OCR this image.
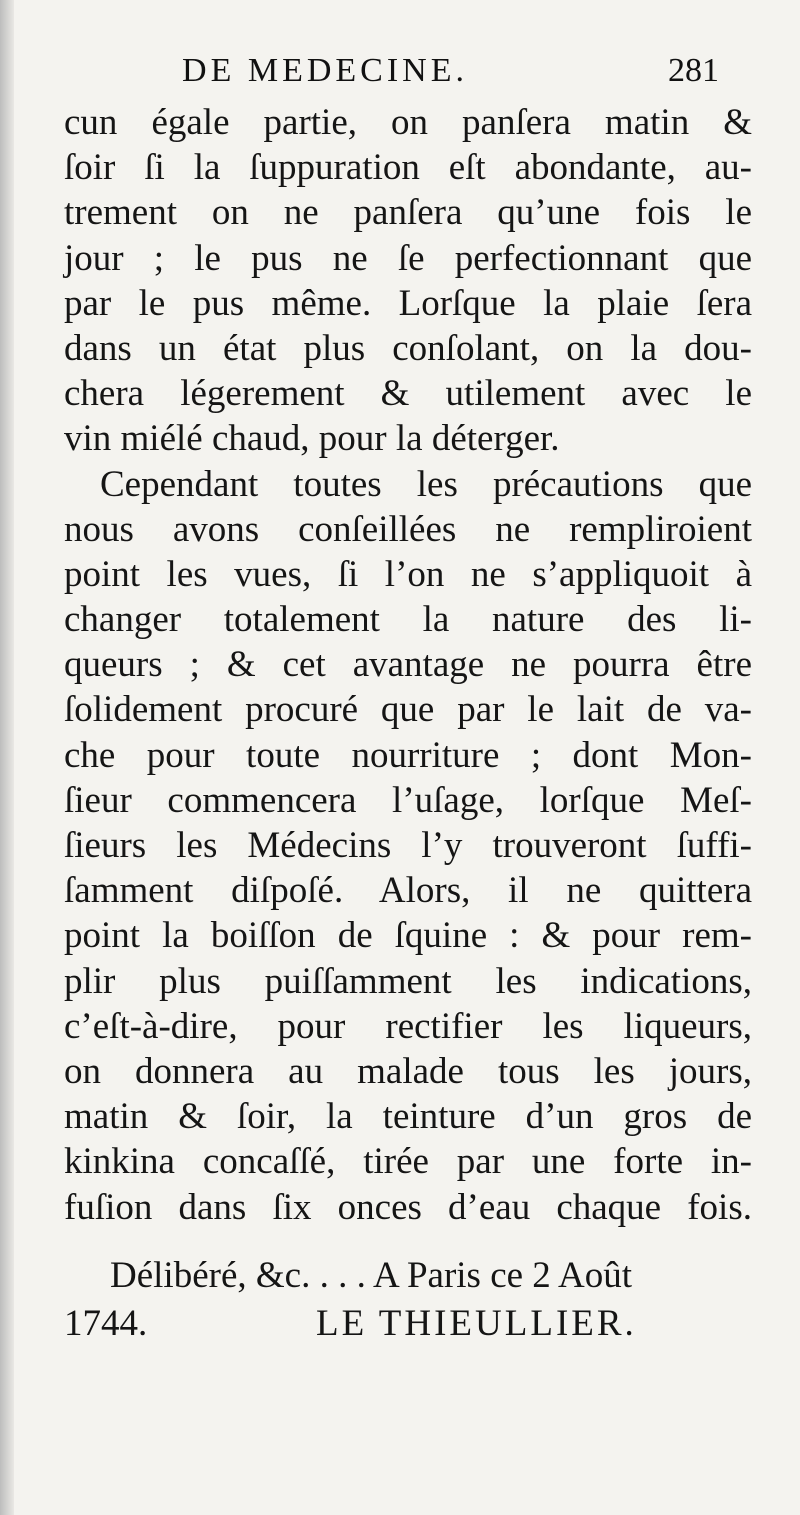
DE MEDECINE.	281
cun égale partie, on panſera matin &
ſoir ſi la ſuppuration eſt abondante, au-
trement on ne panſera qu’une fois le
jour ; le pus ne ſe perfectionnant que
par le pus même. Lorſque la plaie ſera
dans un état plus conſolant, on la dou-
chera légerement & utilement avec le
vin miélé chaud, pour la déterger.
Cependant toutes les précautions que
nous avons conſeillées ne rempliroient
point les vues, ſi l’on ne s’appliquoit à
changer totalement la nature des li-
queurs ; & cet avantage ne pourra être
ſolidement procuré que par le lait de va-
che pour toute nourriture ; dont Mon-
ſieur commencera l’uſage, lorſque Meſ-
ſieurs les Médecins l’y trouveront ſuffi-
ſamment diſpoſé. Alors, il ne quittera
point la boiſſon de ſquine : & pour rem-
plir plus puiſſamment les indications,
c’eſt-à-dire, pour rectifier les liqueurs,
on donnera au malade tous les jours,
matin & ſoir, la teinture d’un gros de
kinkina concaſſé, tirée par une forte in-
fuſion dans ſix onces d’eau chaque fois.
Délibéré, &c. . . . A Paris ce 2 Août
1744.	LE THIEULLIER.
